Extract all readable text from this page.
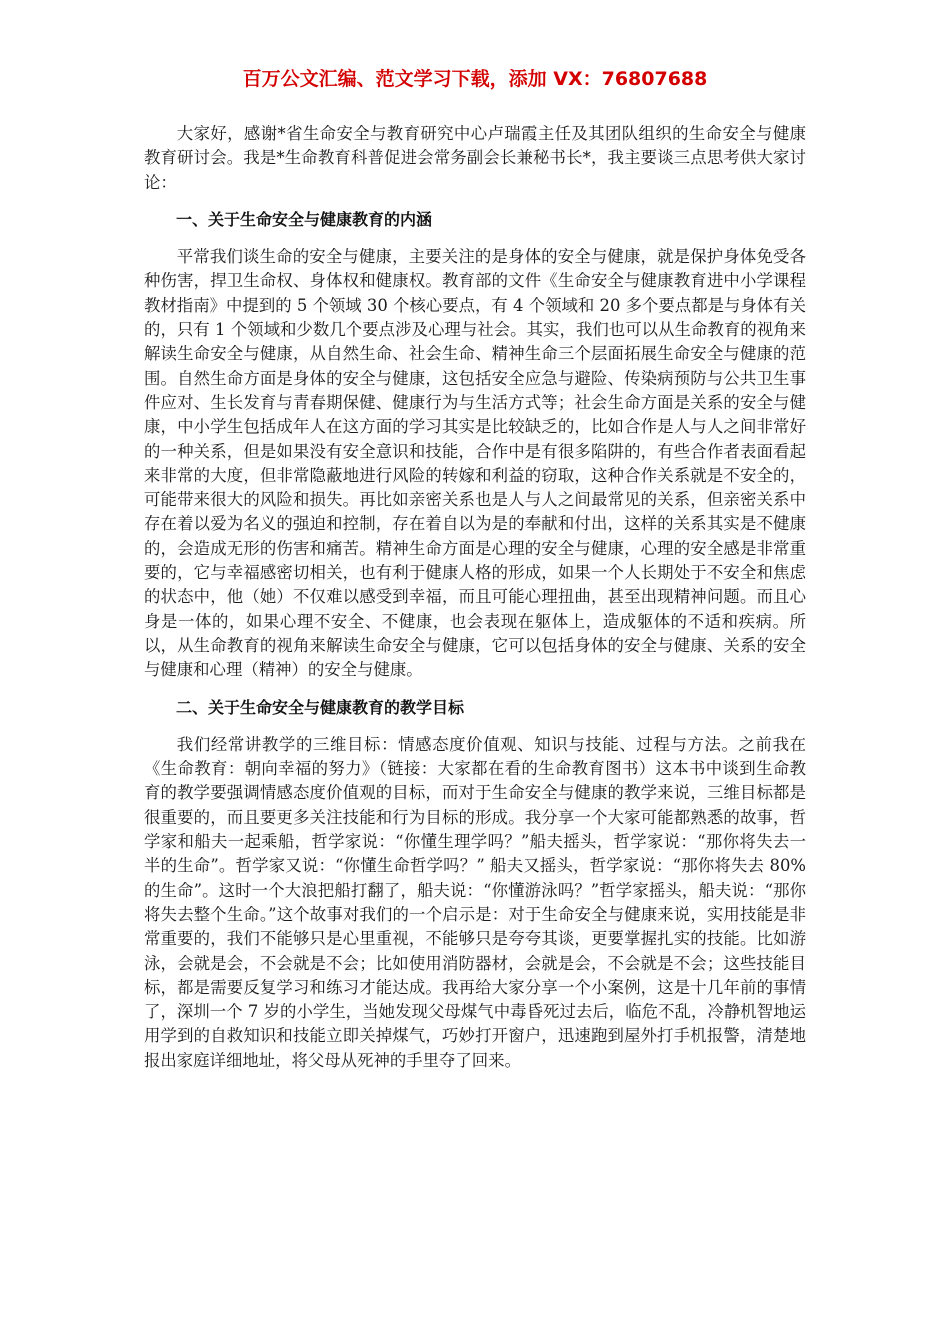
百万公文汇编、范文学习下载，添加 VX：76807688

大家好，感谢*省生命安全与教育研究中心卢瑞霞主任及其团队组织的生命安全与健康教育研讨会。我是*生命教育科普促进会常务副会长兼秘书长*，我主要谈三点思考供大家讨论：

一、关于生命安全与健康教育的内涵

平常我们谈生命的安全与健康，主要关注的是身体的安全与健康，就是保护身体免受各种伤害，捍卫生命权、身体权和健康权。教育部的文件《生命安全与健康教育进中小学课程教材指南》中提到的 5 个领域 30 个核心要点，有 4 个领域和 20 多个要点都是与身体有关的，只有 1 个领域和少数几个要点涉及心理与社会。其实，我们也可以从生命教育的视角来解读生命安全与健康，从自然生命、社会生命、精神生命三个层面拓展生命安全与健康的范围。自然生命方面是身体的安全与健康，这包括安全应急与避险、传染病预防与公共卫生事件应对、生长发育与青春期保健、健康行为与生活方式等；社会生命方面是关系的安全与健康，中小学生包括成年人在这方面的学习其实是比较缺乏的，比如合作是人与人之间非常好的一种关系，但是如果没有安全意识和技能，合作中是有很多陷阱的，有些合作者表面看起来非常的大度，但非常隐蔽地进行风险的转嫁和利益的窃取，这种合作关系就是不安全的，可能带来很大的风险和损失。再比如亲密关系也是人与人之间最常见的关系，但亲密关系中存在着以爱为名义的强迫和控制，存在着自以为是的奉献和付出，这样的关系其实是不健康的，会造成无形的伤害和痛苦。精神生命方面是心理的安全与健康，心理的安全感是非常重要的，它与幸福感密切相关，也有利于健康人格的形成，如果一个人长期处于不安全和焦虑的状态中，他（她）不仅难以感受到幸福，而且可能心理扭曲，甚至出现精神问题。而且心身是一体的，如果心理不安全、不健康，也会表现在躯体上，造成躯体的不适和疾病。所以，从生命教育的视角来解读生命安全与健康，它可以包括身体的安全与健康、关系的安全与健康和心理（精神）的安全与健康。

二、关于生命安全与健康教育的教学目标

我们经常讲教学的三维目标：情感态度价值观、知识与技能、过程与方法。之前我在《生命教育：朝向幸福的努力》（链接：大家都在看的生命教育图书）这本书中谈到生命教育的教学要强调情感态度价值观的目标，而对于生命安全与健康的教学来说，三维目标都是很重要的，而且要更多关注技能和行为目标的形成。我分享一个大家可能都熟悉的故事，哲学家和船夫一起乘船，哲学家说：“你懂生理学吗？”船夫摇头，哲学家说：“那你将失去一半的生命”。哲学家又说：“你懂生命哲学吗？” 船夫又摇头，哲学家说：“那你将失去 80%的生命”。这时一个大浪把船打翻了，船夫说：“你懂游泳吗？”哲学家摇头，船夫说：“那你将失去整个生命。”这个故事对我们的一个启示是：对于生命安全与健康来说，实用技能是非常重要的，我们不能够只是心里重视，不能够只是夸夸其谈，更要掌握扎实的技能。比如游泳，会就是会，不会就是不会；比如使用消防器材，会就是会，不会就是不会；这些技能目标，都是需要反复学习和练习才能达成。我再给大家分享一个小案例，这是十几年前的事情了，深圳一个 7 岁的小学生，当她发现父母煤气中毒昏死过去后，临危不乱，冷静机智地运用学到的自救知识和技能立即关掉煤气，巧妙打开窗户，迅速跑到屋外打手机报警，清楚地报出家庭详细地址，将父母从死神的手里夺了回来。
